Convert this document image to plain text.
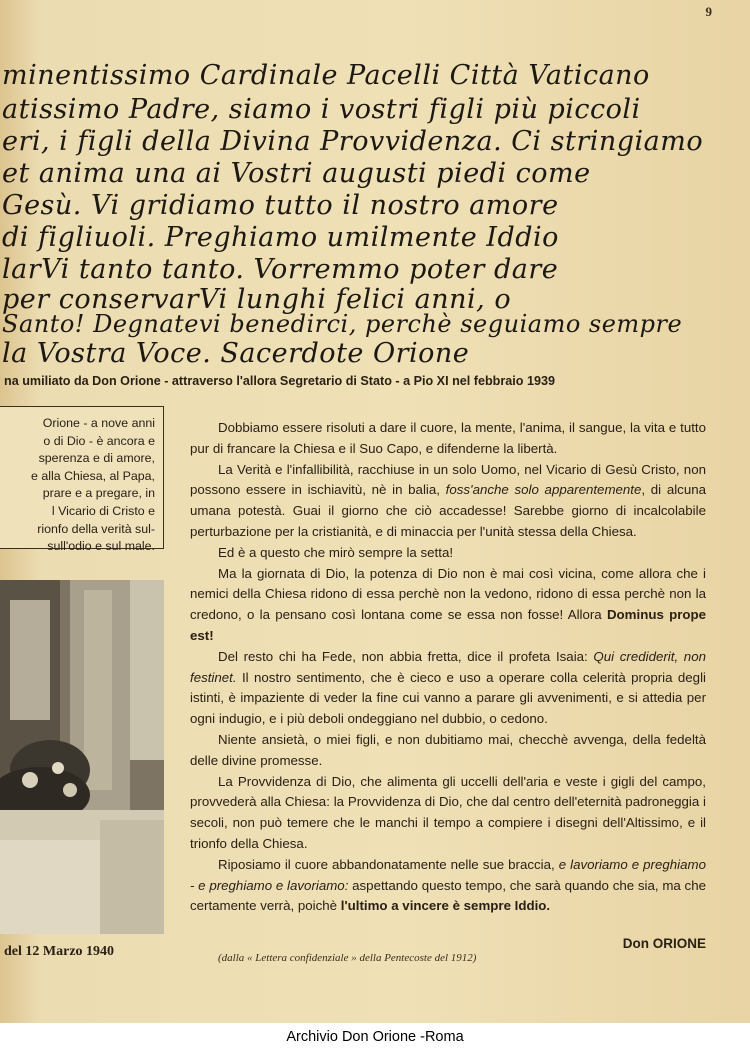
9
minentissimo Cardinale Pacelli Città Vaticano
atissimo Padre, siamo i vostri figli più piccoli
eri, i figli della Divina Provvidenza. Ci stringiamo
et anima una ai Vostri augusti piedi come
Gesù. Vi gridiamo tutto il nostro amore
di figliuoli. Preghiamo umilmente Iddio
larVi tanto tanto. Vorremmo poter dare
per conservarVi lunghi felici anni, o
Santo! Degnatevi benedirci, perchè seguiamo sempre
la Vostra Voce. Sacerdote Orione
na umiliato da Don Orione - attraverso l'allora Segretario di Stato - a Pio XI nel febbraio 1939
Orione - a nove anni
o di Dio - è ancora e
sperenza e di amore,
e alla Chiesa, al Papa,
prare e a pregare, in
l Vicario di Cristo e
rionfo della verità sul-
sull'odio e sul male.
del 12 Marzo 1940

Dobbiamo essere risoluti a dare il cuore, la mente, l'anima, il sangue, la vita e tutto pur di francare la Chiesa e il Suo Capo, e difenderne la libertà.

La Verità e l'infallibilità, racchiuse in un solo Uomo, nel Vicario di Gesù Cristo, non possono essere in ischiavitù, nè in balia, foss'anche solo apparentemente, di alcuna umana potestà. Guai il giorno che ciò accadesse! Sarebbe giorno di incalcolabile perturbazione per la cristianità, e di minaccia per l'unità stessa della Chiesa.

Ed è a questo che mirò sempre la setta!

Ma la giornata di Dio, la potenza di Dio non è mai così vicina, come allora che i nemici della Chiesa ridono di essa perchè non la vedono, ridono di essa perchè non la credono, o la pensano così lontana come se essa non fosse! Allora Dominus prope est!

Del resto chi ha Fede, non abbia fretta, dice il profeta Isaia: Qui crediderit, non festinet. Il nostro sentimento, che è cieco e uso a operare colla celerità propria degli istinti, è impaziente di veder la fine cui vanno a parare gli avvenimenti, e si attedia per ogni indugio, e i più deboli ondeggiano nel dubbio, o cedono.

Niente ansietà, o miei figli, e non dubitiamo mai, checchè avvenga, della fedeltà delle divine promesse.

La Provvidenza di Dio, che alimenta gli uccelli dell'aria e veste i gigli del campo, provvederà alla Chiesa: la Provvidenza di Dio, che dal centro dell'eternità padroneggia i secoli, non può temere che le manchi il tempo a compiere i disegni dell'Altissimo, e il trionfo della Chiesa.

Riposiamo il cuore abbandonatamente nelle sue braccia, e lavoriamo e preghiamo - e preghiamo e lavoriamo: aspettando questo tempo, che sarà quando che sia, ma che certamente verrà, poichè l'ultimo a vincere è sempre Iddio.

Don ORIONE
(dalla « Lettera confidenziale » della Pentecoste del 1912)
Archivio Don Orione -Roma
